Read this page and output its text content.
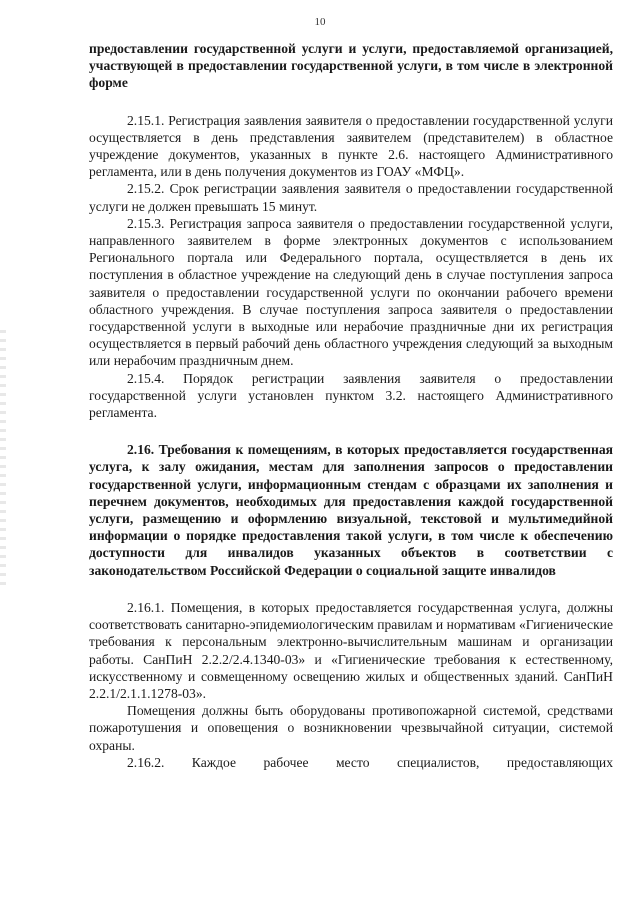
10

предоставлении государственной услуги и услуги, предоставляемой организацией, участвующей в предоставлении государственной услуги, в том числе в электронной форме

2.15.1. Регистрация заявления заявителя о предоставлении государственной услуги осуществляется в день представления заявителем (представителем) в областное учреждение документов, указанных в пункте 2.6. настоящего Административного регламента, или в день получения документов из ГОАУ «МФЦ».

2.15.2. Срок регистрации заявления заявителя о предоставлении государственной услуги не должен превышать 15 минут.

2.15.3. Регистрация запроса заявителя о предоставлении государственной услуги, направленного заявителем в форме электронных документов с использованием Регионального портала или Федерального портала, осуществляется в день их поступления в областное учреждение на следующий день в случае поступления запроса заявителя о предоставлении государственной услуги по окончании рабочего времени областного учреждения. В случае поступления запроса заявителя о предоставлении государственной услуги в выходные или нерабочие праздничные дни их регистрация осуществляется в первый рабочий день областного учреждения следующий за выходным или нерабочим праздничным днем.

2.15.4. Порядок регистрации заявления заявителя о предоставлении государственной услуги установлен пунктом 3.2. настоящего Административного регламента.

2.16. Требования к помещениям, в которых предоставляется государственная услуга, к залу ожидания, местам для заполнения запросов о предоставлении государственной услуги, информационным стендам с образцами их заполнения и перечнем документов, необходимых для предоставления каждой государственной услуги, размещению и оформлению визуальной, текстовой и мультимедийной информации о порядке предоставления такой услуги, в том числе к обеспечению доступности для инвалидов указанных объектов в соответствии с законодательством Российской Федерации о социальной защите инвалидов

2.16.1. Помещения, в которых предоставляется государственная услуга, должны соответствовать санитарно-эпидемиологическим правилам и нормативам «Гигиенические требования к персональным электронно-вычислительным машинам и организации работы. СанПиН 2.2.2/2.4.1340-03» и «Гигиенические требования к естественному, искусственному и совмещенному освещению жилых и общественных зданий. СанПиН 2.2.1/2.1.1.1278-03».

Помещения должны быть оборудованы противопожарной системой, средствами пожаротушения и оповещения о возникновении чрезвычайной ситуации, системой охраны.

2.16.2. Каждое рабочее место специалистов, предоставляющих
